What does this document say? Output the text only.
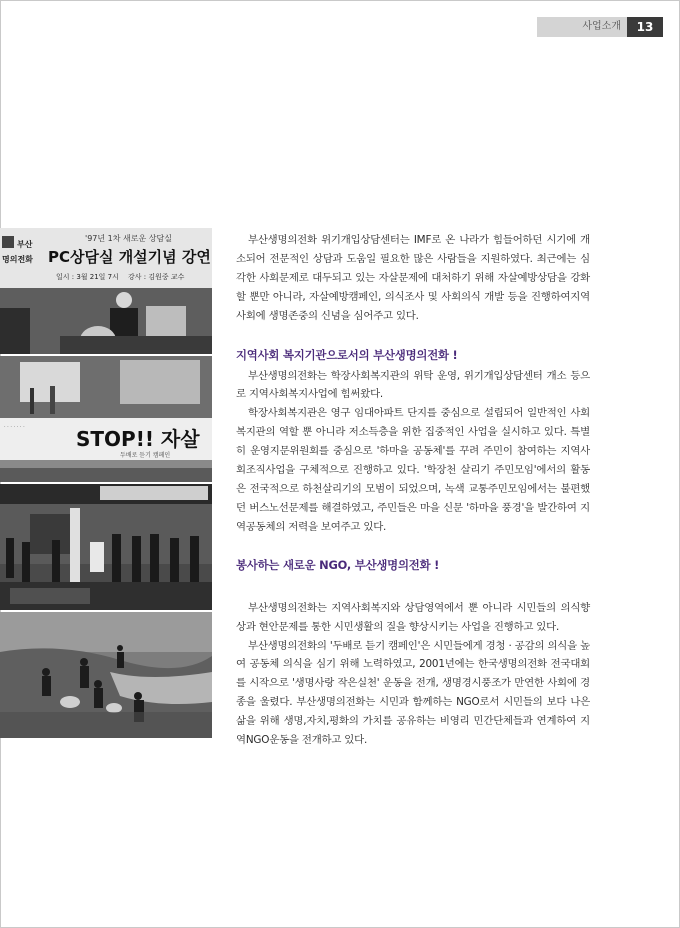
사업소개	13
'97년 1차 새로운 상담실
PC상담실 개설기념 강연
일시 : 3월 21일 7시 강사 : 김원중 교수
부산
명의전화
· · · · · · ·	STOP!! 자살
두배로 듣기 캠페인

부산생명의전화 위기개입상담센터는 IMF로 온 나라가 힘들어하던 시기에 개소되어 전문적인 상담과 도움일 필요한 많은 사람들을 지원하였다. 최근에는 심각한 사회문제로 대두되고 있는 자살문제에 대처하기 위해 자살예방상담을 강화할 뿐만 아니라, 자살예방캠페인, 의식조사 및 사회의식 개발 등을 진행하여지역사회에 생명존중의 신념을 심어주고 있다.

지역사회 복지기관으로서의 부산생명의전화 !

부산생명의전화는 학장사회복지관의 위탁 운영, 위기개입상담센터 개소 등으로 지역사회복지사업에 힘써왔다.

학장사회복지관은 영구 임대아파트 단지를 중심으로 설립되어 일반적인 사회복지관의 역할 뿐 아니라 저소득층을 위한 집중적인 사업을 실시하고 있다. 특별히 운영지문위원회를 중심으로 '하마을 공동체'를 꾸려 주민이 참여하는 지역사회조직사업을 구체적으로 진행하고 있다. '학장천 살리기 주민모임'에서의 활동은 전국적으로 하천살리기의 모범이 되었으며, 녹색 교통주민모임에서는 불편했던 버스노선문제를 해결하였고, 주민들은 마을 신문 '하마을 풍경'을 발간하여 지역공동체의 저력을 보여주고 있다.

봉사하는 새로운 NGO, 부산생명의전화 !

부산생명의전화는 지역사회복지와 상담영역에서 뿐 아니라 시민들의 의식향상과 현안문제를 통한 시민생활의 질을 향상시키는 사업을 진행하고 있다.

부산생명의전화의 '두배로 듣기 캠페인'은 시민들에게 경청 · 공감의 의식을 높여 공동체 의식을 심기 위해 노력하였고, 2001년에는 한국생명의전화 전국대회를 시작으로 '생명사랑 작은실천' 운동을 전개, 생명경시풍조가 만연한 사회에 경종을 울렸다. 부산생명의전화는 시민과 함께하는 NGO로서 시민들의 보다 나은 삶을 위해 생명,자치,평화의 가치를 공유하는 비영리 민간단체들과 연계하여 지역NGO운동을 전개하고 있다.
